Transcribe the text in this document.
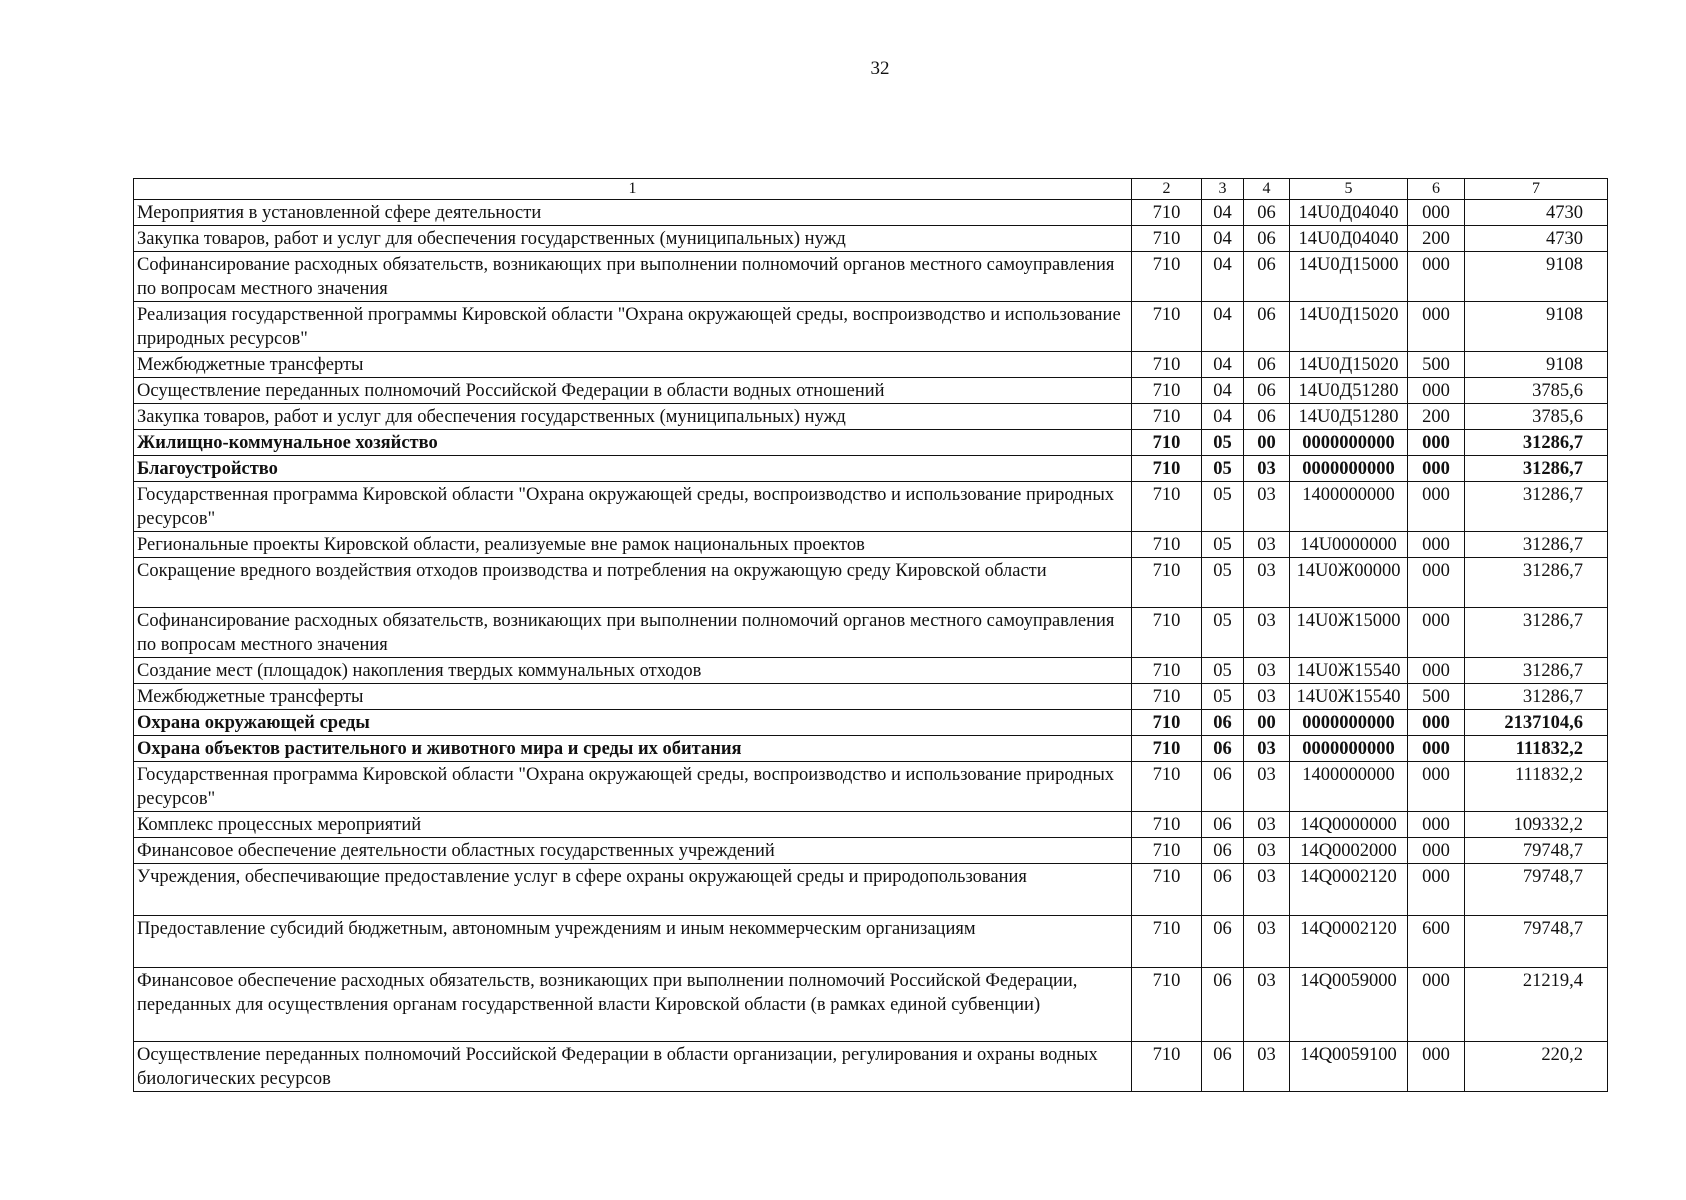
32
1	2	3	4	5	6	7
Мероприятия в установленной сфере деятельности	710	04	06	14U0Д04040	000	4730
Закупка товаров, работ и услуг для обеспечения государственных (муниципальных) нужд	710	04	06	14U0Д04040	200	4730
Софинансирование расходных обязательств, возникающих при выполнении полномочий органов местного самоуправления по вопросам местного значения	710	04	06	14U0Д15000	000	9108
Реализация государственной программы Кировской области "Охрана окружающей среды, воспроизводство и использование природных ресурсов"	710	04	06	14U0Д15020	000	9108
Межбюджетные трансферты	710	04	06	14U0Д15020	500	9108
Осуществление переданных полномочий Российской Федерации в области водных отношений	710	04	06	14U0Д51280	000	3785,6
Закупка товаров, работ и услуг для обеспечения государственных (муниципальных) нужд	710	04	06	14U0Д51280	200	3785,6
Жилищно-коммунальное хозяйство	710	05	00	0000000000	000	31286,7
Благоустройство	710	05	03	0000000000	000	31286,7
Государственная программа Кировской области "Охрана окружающей среды, воспроизводство и использование природных ресурсов"	710	05	03	1400000000	000	31286,7
Региональные проекты Кировской области, реализуемые вне рамок национальных проектов	710	05	03	14U0000000	000	31286,7
Сокращение вредного воздействия отходов производства и потребления на окружающую среду Кировской области	710	05	03	14U0Ж00000	000	31286,7
Софинансирование расходных обязательств, возникающих при выполнении полномочий органов местного самоуправления по вопросам местного значения	710	05	03	14U0Ж15000	000	31286,7
Создание мест (площадок) накопления твердых коммунальных отходов	710	05	03	14U0Ж15540	000	31286,7
Межбюджетные трансферты	710	05	03	14U0Ж15540	500	31286,7
Охрана окружающей среды	710	06	00	0000000000	000	2137104,6
Охрана объектов растительного и животного мира и среды их обитания	710	06	03	0000000000	000	111832,2
Государственная программа Кировской области "Охрана окружающей среды, воспроизводство и использование природных ресурсов"	710	06	03	1400000000	000	111832,2
Комплекс процессных мероприятий	710	06	03	14Q0000000	000	109332,2
Финансовое обеспечение деятельности областных государственных учреждений	710	06	03	14Q0002000	000	79748,7
Учреждения, обеспечивающие предоставление услуг в сфере охраны окружающей среды и природопользования	710	06	03	14Q0002120	000	79748,7
Предоставление субсидий бюджетным, автономным учреждениям и иным некоммерческим организациям	710	06	03	14Q0002120	600	79748,7
Финансовое обеспечение расходных обязательств, возникающих при выполнении полномочий Российской Федерации, переданных для осуществления органам государственной власти Кировской области (в рамках единой субвенции)	710	06	03	14Q0059000	000	21219,4
Осуществление переданных полномочий Российской Федерации в области организации, регулирования и охраны водных биологических ресурсов	710	06	03	14Q0059100	000	220,2
